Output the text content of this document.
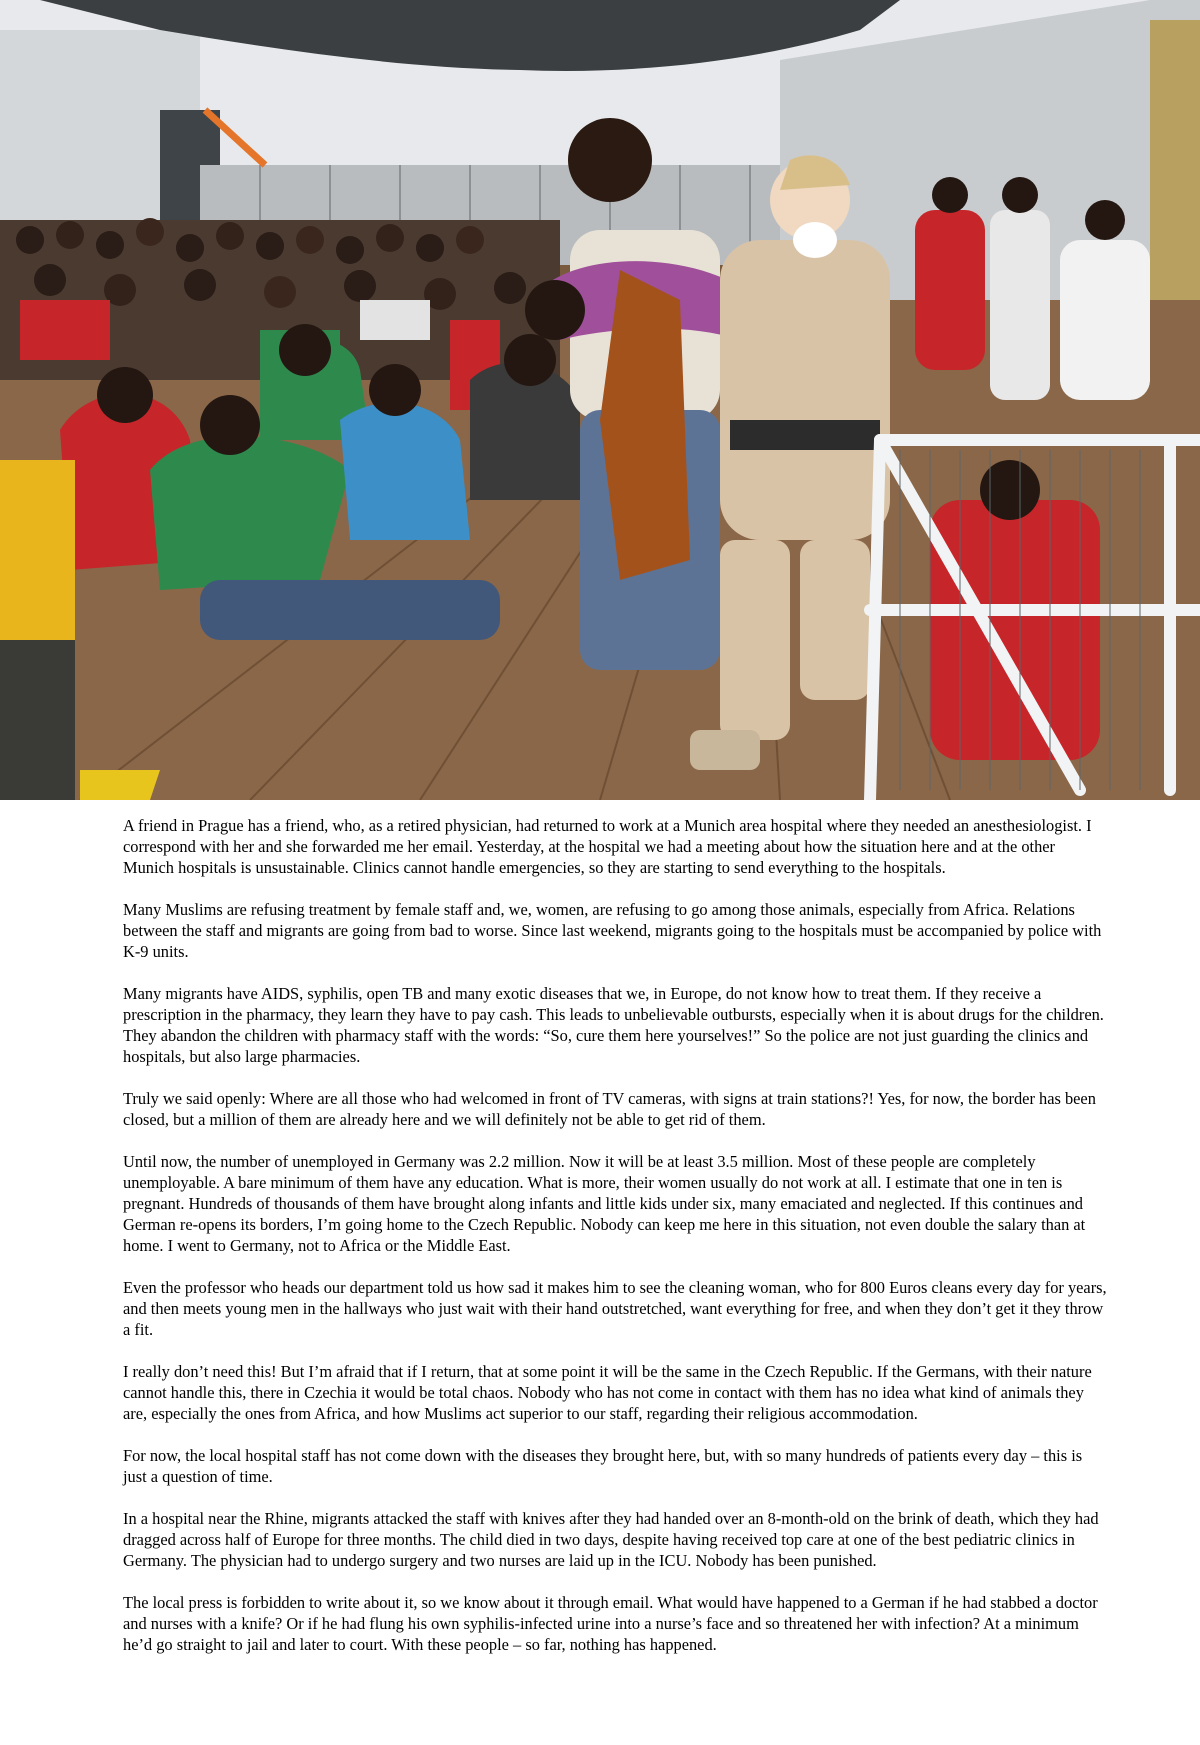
A friend in Prague has a friend, who, as a retired physician, had returned to work at a Munich area hospital where they needed an anesthesiologist. I correspond with her and she forwarded me her email. Yesterday, at the hospital we had a meeting about how the situation here and at the other Munich hospitals is unsustainable. Clinics cannot handle emergencies, so they are starting to send everything to the hospitals.

Many Muslims are refusing treatment by female staff and, we, women, are refusing to go among those animals, especially from Africa. Relations between the staff and migrants are going from bad to worse. Since last weekend, migrants going to the hospitals must be accompanied by police with K-9 units.

Many migrants have AIDS, syphilis, open TB and many exotic diseases that we, in Europe, do not know how to treat them. If they receive a prescription in the pharmacy, they learn they have to pay cash. This leads to unbelievable outbursts, especially when it is about drugs for the children. They abandon the children with pharmacy staff with the words: “So, cure them here yourselves!” So the police are not just guarding the clinics and hospitals, but also large pharmacies.

Truly we said openly: Where are all those who had welcomed in front of TV cameras, with signs at train stations?! Yes, for now, the border has been closed, but a million of them are already here and we will definitely not be able to get rid of them.

Until now, the number of unemployed in Germany was 2.2 million. Now it will be at least 3.5 million. Most of these people are completely unemployable. A bare minimum of them have any education. What is more, their women usually do not work at all. I estimate that one in ten is pregnant. Hundreds of thousands of them have brought along infants and little kids under six, many emaciated and neglected. If this continues and German re-opens its borders, I’m going home to the Czech Republic. Nobody can keep me here in this situation, not even double the salary than at home. I went to Germany, not to Africa or the Middle East.

Even the professor who heads our department told us how sad it makes him to see the cleaning woman, who for 800 Euros cleans every day for years, and then meets young men in the hallways who just wait with their hand outstretched, want everything for free, and when they don’t get it they throw a fit.

I really don’t need this! But I’m afraid that if I return, that at some point it will be the same in the Czech Republic. If the Germans, with their nature cannot handle this, there in Czechia it would be total chaos. Nobody who has not come in contact with them has no idea what kind of animals they are, especially the ones from Africa, and how Muslims act superior to our staff, regarding their religious accommodation.

For now, the local hospital staff has not come down with the diseases they brought here, but, with so many hundreds of patients every day – this is just a question of time.

In a hospital near the Rhine, migrants attacked the staff with knives after they had handed over an 8-month-old on the brink of death, which they had dragged across half of Europe for three months. The child died in two days, despite having received top care at one of the best pediatric clinics in Germany. The physician had to undergo surgery and two nurses are laid up in the ICU. Nobody has been punished.

The local press is forbidden to write about it, so we know about it through email. What would have happened to a German if he had stabbed a doctor and nurses with a knife? Or if he had flung his own syphilis-infected urine into a nurse’s face and so threatened her with infection? At a minimum he’d go straight to jail and later to court. With these people – so far, nothing has happened.
